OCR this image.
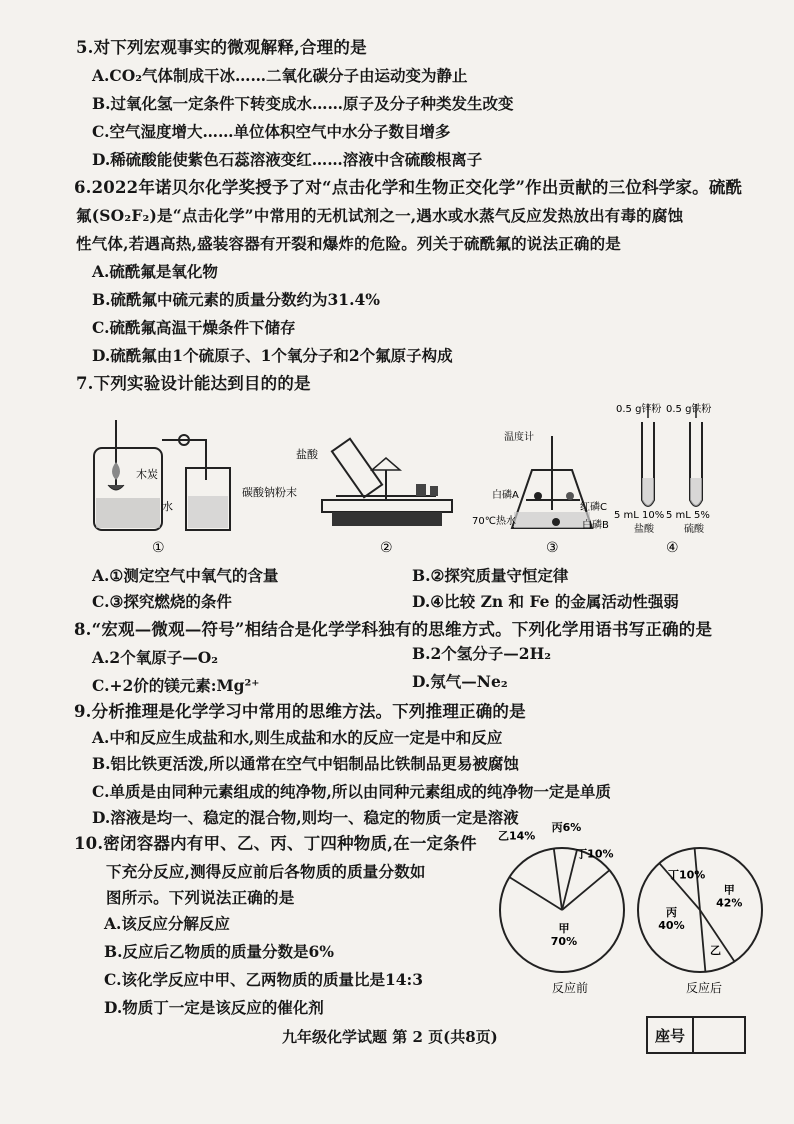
5.对下列宏观事实的微观解释,合理的是
A.CO₂气体制成干冰……二氧化碳分子由运动变为静止
B.过氧化氢一定条件下转变成水……原子及分子种类发生改变
C.空气湿度增大……单位体积空气中水分子数目增多
D.稀硫酸能使紫色石蕊溶液变红……溶液中含硫酸根离子
6.2022年诺贝尔化学奖授予了对“点击化学和生物正交化学”作出贡献的三位科学家。硫酰
氟(SO₂F₂)是“点击化学”中常用的无机试剂之一,遇水或水蒸气反应发热放出有毒的腐蚀
性气体,若遇高热,盛装容器有开裂和爆炸的危险。列关于硫酰氟的说法正确的是
A.硫酰氟是氧化物
B.硫酰氟中硫元素的质量分数约为31.4%
C.硫酰氟高温干燥条件下储存
D.硫酰氟由1个硫原子、1个氧分子和2个氟原子构成
7.下列实验设计能达到目的的是
木炭
水
①
盐酸
碳酸钠粉末
②
温度计
白磷A
红磷C
70℃热水	白磷B
③
0.5 g锌粉 0.5 g铁粉
5 mL 10%
盐酸
5 mL 5%
硫酸
④
A.①测定空气中氧气的含量	B.②探究质量守恒定律
C.③探究燃烧的条件	D.④比较 Zn 和 Fe 的金属活动性强弱
8.“宏观—微观—符号”相结合是化学学科独有的思维方式。下列化学用语书写正确的是
A.2个氧原子—O₂	B.2个氢分子—2H₂
C.+2价的镁元素:Mg²⁺	D.氖气—Ne₂
9.分析推理是化学学习中常用的思维方法。下列推理正确的是
A.中和反应生成盐和水,则生成盐和水的反应一定是中和反应
B.铝比铁更活泼,所以通常在空气中铝制品比铁制品更易被腐蚀
C.单质是由同种元素组成的纯净物,所以由同种元素组成的纯净物一定是单质
D.溶液是均一、稳定的混合物,则均一、稳定的物质一定是溶液
10.密闭容器内有甲、乙、丙、丁四种物质,在一定条件
下充分反应,测得反应前后各物质的质量分数如
图所示。下列说法正确的是
A.该反应分解反应
B.反应后乙物质的质量分数是6%
C.该化学反应中甲、乙两物质的质量比是14:3
D.物质丁一定是该反应的催化剂
甲 70%
乙14%
丙6%
丁10%
甲 42%
乙
丙 40%
丁10%
反应前	反应后
九年级化学试题 第 2 页(共8页)	座号
